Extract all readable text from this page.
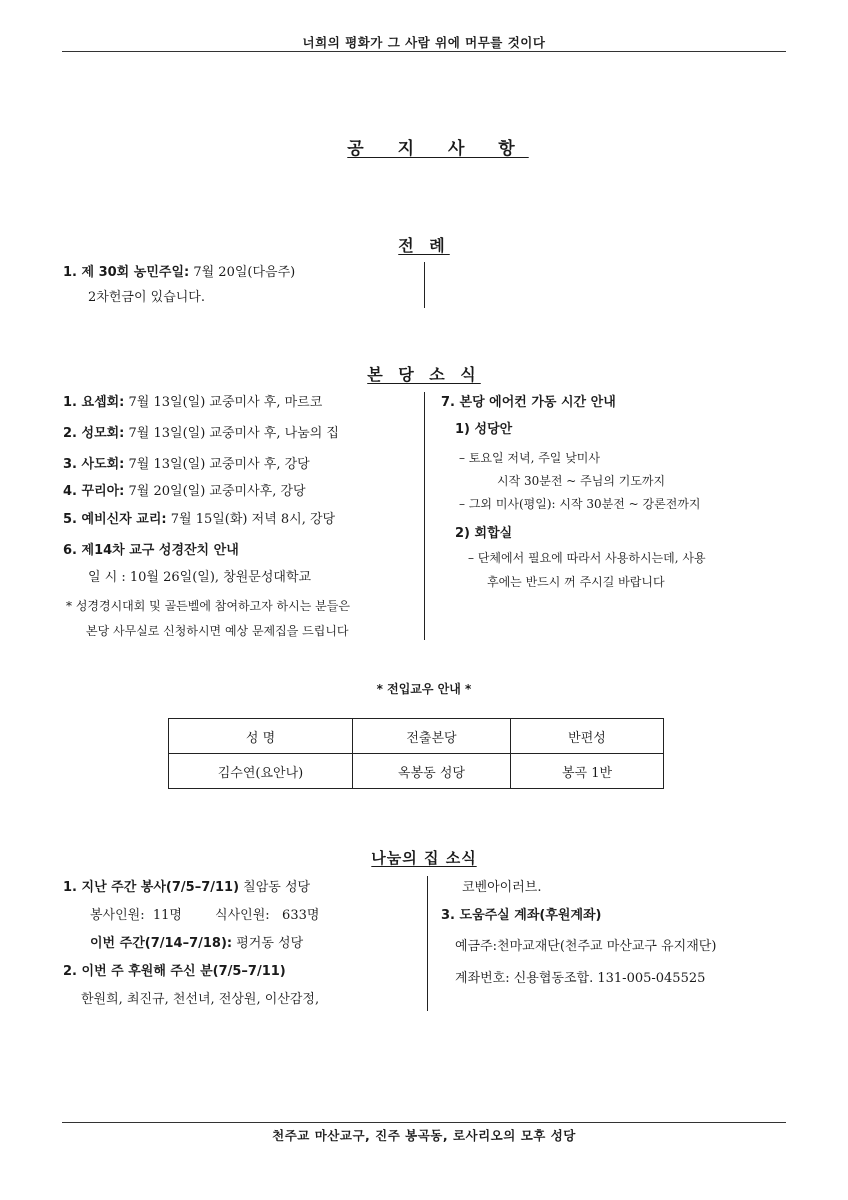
너희의 평화가 그 사람 위에 머무를 것이다
공 지 사 항
전 례
1. 제 30회 농민주일: 7월 20일(다음주)
2차헌금이 있습니다.
본 당 소 식
1. 요셉회: 7월 13일(일) 교중미사 후, 마르코
2. 성모회: 7월 13일(일) 교중미사 후, 나눔의 집
3. 사도회: 7월 13일(일) 교중미사 후, 강당
4. 꾸리아: 7월 20일(일) 교중미사후, 강당
5. 예비신자 교리: 7월 15일(화) 저녁 8시, 강당
6. 제14차 교구 성경잔치 안내
일 시 : 10월 26일(일), 창원문성대학교
* 성경경시대회 및 골든벨에 참여하고자 하시는 분들은
본당 사무실로 신청하시면 예상 문제집을 드립니다
7. 본당 에어컨 가동 시간 안내
1) 성당안
– 토요일 저녁, 주일 낮미사
시작 30분전 ~ 주님의 기도까지
– 그외 미사(평일): 시작 30분전 ~ 강론전까지
2) 회합실
– 단체에서 필요에 따라서 사용하시는데, 사용
후에는 반드시 꺼 주시길 바랍니다
* 전입교우 안내 *
성 명	전출본당	반편성
김수연(요안나)	옥봉동 성당	봉곡 1반
나눔의 집 소식
1. 지난 주간 봉사(7/5–7/11) 칠암동 성당
봉사인원:  11명        식사인원:   633명
이번 주간(7/14–7/18): 평거동 성당
2. 이번 주 후원해 주신 분(7/5–7/11)
한원희, 최진규, 천선녀, 전상원, 이산감정,
코벤아이러브.
3. 도움주실 계좌(후원계좌)
예금주:천마교재단(천주교 마산교구 유지재단)
계좌번호: 신용협동조합. 131-005-045525
천주교 마산교구, 진주 봉곡동, 로사리오의 모후 성당
